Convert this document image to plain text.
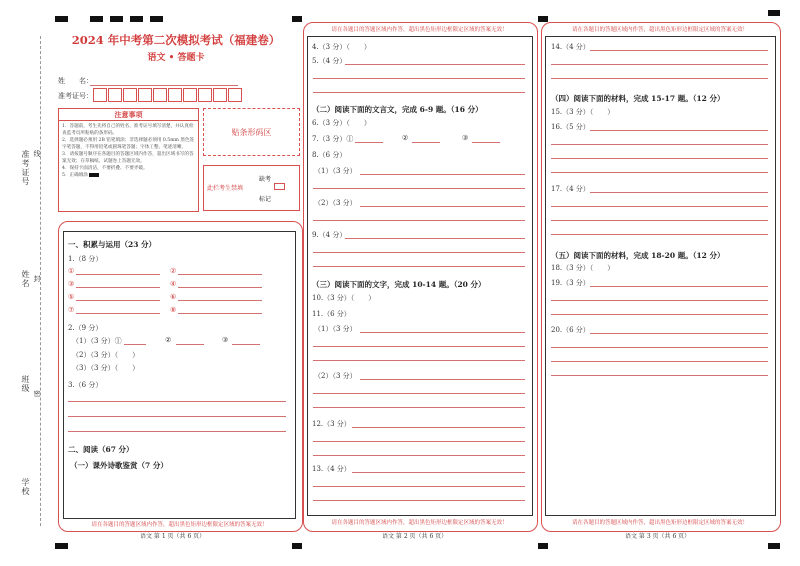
准考证号 线
姓名 封
班级
密
学校
2024 年中考第二次模拟考试（福建卷）
语文 • 答题卡
姓　　名：
准考证号：
注意事项
1．答题前，考生先将自己的姓名、准考证号填写清楚，并认真检查监考员所粘贴的条形码。
2．选择题必须用 2B 铅笔填涂；非选择题必须用 0.5mm 黑色签字笔答题，不得用铅笔或圆珠笔答题；字体工整、笔迹清晰。
3．请按题号顺序在各题目的答题区域内作答，超出区域书写的答案无效；在草稿纸、试题卷上答题无效。
4．保持卡面清洁，不要折叠、不要弄破。
5．正确填涂
贴条形码区
此栏考生禁填
缺考
标记
一、积累与运用（23 分）
1.（8 分）
①	②
③	④
⑤	⑥
⑦	⑧
2.（9 分）
（1）（3 分）①	②	③
（2）（3 分）（　　）
（3）（3 分）（　　）
3.（6 分）
二、阅读（67 分）
（一）课外诗歌鉴赏（7 分）
请在各题目的答题区域内作答，超出黑色矩形边框限定区域的答案无效！
语文 第 1 页（共 6 页）
请在各题目的答题区域内作答，超出黑色矩形边框限定区域的答案无效！
4.（3 分）（　　）
5.（4 分）
（二）阅读下面的文言文，完成 6-9 题。（16 分）
6.（3 分）（　　）
7.（3 分）①	②	③
8.（6 分）
（1）（3 分）
（2）（3 分）
9.（4 分）
（三）阅读下面的文字，完成 10-14 题。（20 分）
10.（3 分）（　　）
11.（6 分）
（1）（3 分）
（2）（3 分）
12.（3 分）
13.（4 分）
请在各题目的答题区域内作答，超出黑色矩形边框限定区域的答案无效！
语文 第 2 页（共 6 页）
请在各题目的答题区域内作答，超出黑色矩形边框限定区域的答案无效！
14.（4 分）
（四）阅读下面的材料，完成 15-17 题。（12 分）
15.（3 分）（　　）
16.（5 分）
17.（4 分）
（五）阅读下面的材料，完成 18-20 题。（12 分）
18.（3 分）（　　）
19.（3 分）
20.（6 分）
请在各题目的答题区域内作答，超出黑色矩形边框限定区域的答案无效！
语文 第 3 页（共 6 页）
